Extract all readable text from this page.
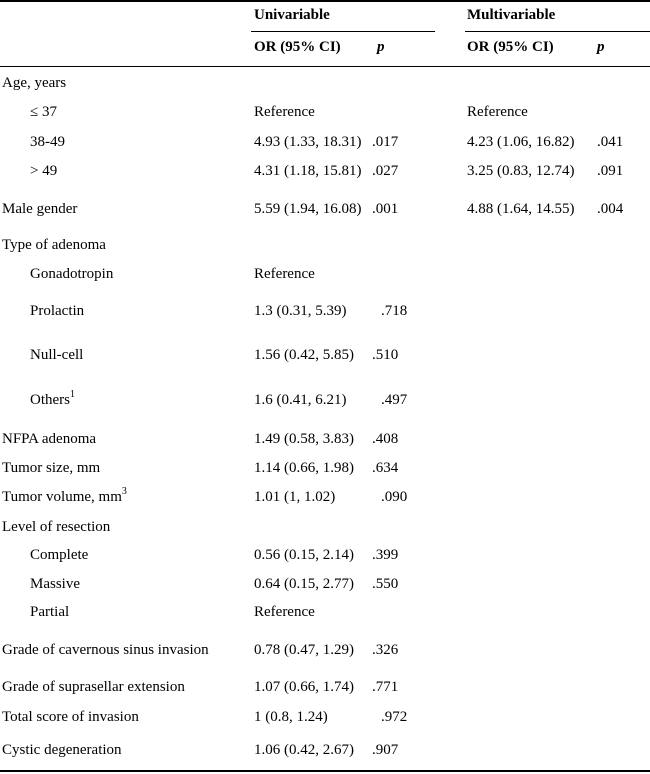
Univariable	Multivariable
OR (95% CI) p	OR (95% CI)	p
Age, years
≤ 37	Reference	Reference
38-49	4.93 (1.33, 18.31) .017	4.23 (1.06, 16.82) .041
> 49	4.31 (1.18, 15.81) .027	3.25 (0.83, 12.74) .091
Male gender	5.59 (1.94, 16.08) .001	4.88 (1.64, 14.55) .004
Type of adenoma
Gonadotropin	Reference
Prolactin	1.3 (0.31, 5.39) .718
Null-cell	1.56 (0.42, 5.85) .510
Others$^1$	1.6 (0.41, 6.21) .497
NFPA adenoma	1.49 (0.58, 3.83) .408
Tumor size, mm	1.14 (0.66, 1.98) .634
Tumor volume, $mm^3$	1.01 (1, 1.02)	.090
Level of resection
Complete	0.56 (0.15, 2.14) .399
Massive	0.64 (0.15, 2.77) .550
Partial	Reference
Grade of cavernous sinus invasion	0.78 (0.47, 1.29) .326
Grade of suprasellar extension	1.07 (0.66, 1.74) .771
Total score of invasion	1 (0.8, 1.24)	.972
Cystic degeneration	1.06 (0.42, 2.67) .907
